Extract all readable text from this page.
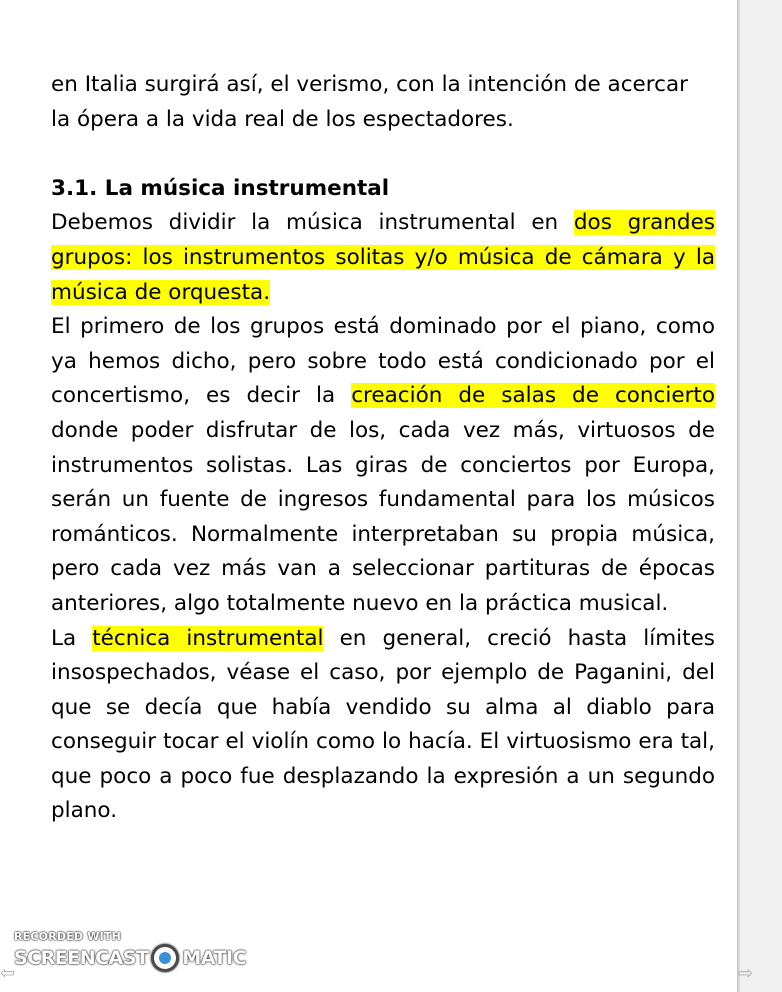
en Italia surgirá así, el verismo, con la intención de acercar

la ópera a la vida real de los espectadores.

3.1. La música instrumental

Debemos dividir la música instrumental en dos grandes grupos: los instrumentos solitas y/o música de cámara y la música de orquesta.

El primero de los grupos está dominado por el piano, como ya hemos dicho, pero sobre todo está condicionado por el concertismo, es decir la creación de salas de concierto donde poder disfrutar de los, cada vez más, virtuosos de instrumentos solistas. Las giras de conciertos por Europa, serán un fuente de ingresos fundamental para los músicos románticos. Normalmente interpretaban su propia música, pero cada vez más van a seleccionar partituras de épocas anteriores, algo totalmente nuevo en la práctica musical.

La técnica instrumental en general, creció hasta límites insospechados, véase el caso, por ejemplo de Paganini, del que se decía que había vendido su alma al diablo para conseguir tocar el violín como lo hacía. El virtuosismo era tal, que poco a poco fue desplazando la expresión a un segundo plano.

⇦	⇨
RECORDED WITH
SCREENCAST MATIC
